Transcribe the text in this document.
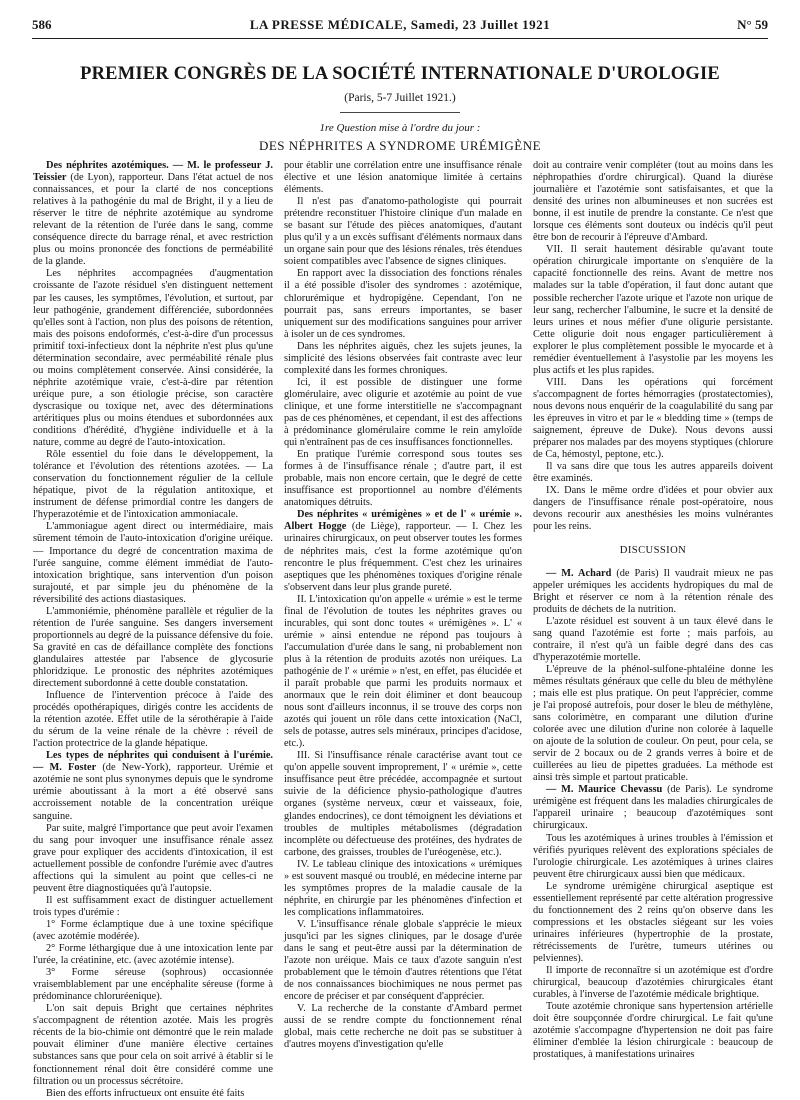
586	LA PRESSE MÉDICALE, Samedi, 23 Juillet 1921	N° 59
PREMIER CONGRÈS DE LA SOCIÉTÉ INTERNATIONALE D'UROLOGIE
(Paris, 5-7 Juillet 1921.)
1re Question mise à l'ordre du jour :
DES NÉPHRITES A SYNDROME URÉMIGÈNE

Des néphrites azotémiques. — M. le professeur J. Teissier (de Lyon), rapporteur. Dans l'état actuel de nos connaissances, et pour la clarté de nos conceptions relatives à la pathogénie du mal de Bright, il y a lieu de réserver le titre de néphrite azotémique au syndrome relevant de la rétention de l'urée dans le sang, comme conséquence directe du barrage rénal, et avec restriction plus ou moins prononcée des fonctions de perméabilité de la glande.

Les néphrites accompagnées d'augmentation croissante de l'azote résiduel s'en distinguent nettement par les causes, les symptômes, l'évolution, et surtout, par leur pathogénie, grandement différenciée, subordonnées qu'elles sont à l'action, non plus des poisons de rétention, mais des poisons endoformés, c'est-à-dire d'un processus primitif toxi-infectieux dont la néphrite n'est plus qu'une détermination secondaire, avec perméabilité rénale plus ou moins complètement conservée. Ainsi considérée, la néphrite azotémique vraie, c'est-à-dire par rétention uréique pure, a son étiologie précise, son caractère dyscrasique ou toxique net, avec des déterminations artéritiques plus ou moins étendues et subordonnées aux conditions d'hérédité, d'hygiène individuelle et à la nature, comme au degré de l'auto-intoxication.

Rôle essentiel du foie dans le développement, la tolérance et l'évolution des rétentions azotées. — La conservation du fonctionnement régulier de la cellule hépatique, pivot de la régulation antitoxique, et instrument de défense primordial contre les dangers de l'hyperazotémie et de l'intoxication ammoniacale.

L'ammoniague agent direct ou intermédiaire, mais sûrement témoin de l'auto-intoxication d'origine uréique. — Importance du degré de concentration maxima de l'urée sanguine, comme élément immédiat de l'auto-intoxication brightique, sans intervention d'un poison surajouté, et par simple jeu du phénomène de la réversibilité des actions diastasiques.

L'ammoniémie, phénomène parallèle et régulier de la rétention de l'urée sanguine. Ses dangers inversement proportionnels au degré de la puissance défensive du foie. Sa gravité en cas de défaillance complète des fonctions glandulaires attestée par l'absence de glycosurie phloridzique. Le pronostic des néphrites azotémiques directement subordonné à cette double constatation.

Influence de l'intervention précoce à l'aide des procédés opothérapiques, dirigés contre les accidents de la rétention azotée. Effet utile de la sérothérapie à l'aide du sérum de la veine rénale de la chèvre : réveil de l'action protectrice de la glande hépatique.

Les types de néphrites qui conduisent à l'urémie. — M. Foster (de New-York), rapporteur. Urémie et azotémie ne sont plus synonymes depuis que le syndrome urémie aboutissant à la mort a été observé sans accroissement notable de la concentration uréique sanguine.

Par suite, malgré l'importance que peut avoir l'examen du sang pour invoquer une insuffisance rénale assez grave pour expliquer des accidents d'intoxication, il est actuellement possible de confondre l'urémie avec d'autres affections qui la simulent au point que celles-ci ne peuvent être diagnostiquées qu'à l'autopsie.

Il est suffisamment exact de distinguer actuellement trois types d'urémie :

1° Forme éclamptique due à une toxine spécifique (avec azotémie modérée).

2° Forme léthargique due à une intoxication lente par l'urée, la créatinine, etc. (avec azotémie intense).

3° Forme séreuse (sophrous) occasionnée vraisemblablement par une encéphalite séreuse (forme à prédominance chloruréenique).

L'on sait depuis Bright que certaines néphrites s'accompagnent de rétention azotée. Mais les progrès récents de la bio-chimie ont démontré que le rein malade pouvait éliminer d'une manière élective certaines substances sans que pour cela on soit arrivé à établir si le fonctionnement rénal doit être considéré comme une filtration ou un processus sécrétoire.

Bien des efforts infructueux ont ensuite été faits

pour établir une corrélation entre une insuffisance rénale élective et une lésion anatomique limitée à certains éléments.

Il n'est pas d'anatomo-pathologiste qui pourrait prétendre reconstituer l'histoire clinique d'un malade en se basant sur l'étude des pièces anatomiques, d'autant plus qu'il y a un excès suffisant d'éléments normaux dans un organe sain pour que des lésions rénales, très étendues soient compatibles avec l'absence de signes cliniques.

En rapport avec la dissociation des fonctions rénales il a été possible d'isoler des syndromes : azotémique, chlorurémique et hydropigène. Cependant, l'on ne pourrait pas, sans erreurs importantes, se baser uniquement sur des modifications sanguines pour arriver à isoler un de ces syndromes.

Dans les néphrites aiguës, chez les sujets jeunes, la simplicité des lésions observées fait contraste avec leur complexité dans les formes chroniques.

Ici, il est possible de distinguer une forme glomérulaire, avec oligurie et azotémie au point de vue clinique, et une forme interstitielle ne s'accompagnant pas de ces phénomènes, et cependant, il est des affections à prédominance glomérulaire comme le rein amyloïde qui n'entraînent pas de ces insuffisances fonctionnelles.

En pratique l'urémie correspond sous toutes ses formes à de l'insuffisance rénale ; d'autre part, il est probable, mais non encore certain, que le degré de cette insuffisance est proportionnel au nombre d'éléments anatomiques détruits.

Des néphrites « urémigènes » et de l' « urémie ». Albert Hogge (de Liège), rapporteur. — I. Chez les urinaires chirurgicaux, on peut observer toutes les formes de néphrites mais, c'est la forme azotémique qu'on rencontre le plus fréquemment. C'est chez les urinaires aseptiques que les phénomènes toxiques d'origine rénale s'observent dans leur plus grande pureté.

II. L'intoxication qu'on appelle « urémie » est le terme final de l'évolution de toutes les néphrites graves ou incurables, qui sont donc toutes « urémigènes ». L' « urémie » ainsi entendue ne répond pas toujours à l'accumulation d'urée dans le sang, ni probablement non plus à la rétention de produits azotés non uréiques. La pathogénie de l' « urémie » n'est, en effet, pas élucidée et il paraît probable que parmi les produits normaux et anormaux que le rein doit éliminer et dont beaucoup nous sont d'ailleurs inconnus, il se trouve des corps non azotés qui jouent un rôle dans cette intoxication (NaCl, sels de potasse, autres sels minéraux, principes d'acidose, etc.).

III. Si l'insuffisance rénale caractérise avant tout ce qu'on appelle souvent improprement, l' « urémie », cette insuffisance peut être précédée, accompagnée et surtout suivie de la déficience physio-pathologique d'autres organes (système nerveux, cœur et vaisseaux, foie, glandes endocrines), ce dont témoignent les déviations et troubles de multiples métabolismes (dégradation incomplète ou défectueuse des protéines, des hydrates de carbone, des graisses, troubles de l'uréogenèse, etc.).

IV. Le tableau clinique des intoxications « urémiques » est souvent masqué ou troublé, en médecine interne par les symptômes propres de la maladie causale de la néphrite, en chirurgie par les phénomènes d'infection et les complications inflammatoires.

V. L'insuffisance rénale globale s'apprécie le mieux jusqu'ici par les signes cliniques, par le dosage d'urée dans le sang et peut-être aussi par la détermination de l'azote non uréique. Mais ce taux d'azote sanguin n'est probablement que le témoin d'autres rétentions que l'état de nos connaissances biochimiques ne nous permet pas encore de préciser et par conséquent d'apprécier.

V. La recherche de la constante d'Ambard permet aussi de se rendre compte du fonctionnement rénal global, mais cette recherche ne doit pas se substituer à d'autres moyens d'investigation qu'elle

doit au contraire venir compléter (tout au moins dans les néphropathies d'ordre chirurgical). Quand la diurèse journalière et l'azotémie sont satisfaisantes, et que la densité des urines non albumineuses et non sucrées est bonne, il est inutile de prendre la constante. Ce n'est que lorsque ces éléments sont douteux ou indécis qu'il peut être bon de recourir à l'épreuve d'Ambard.

VII. Il serait hautement désirable qu'avant toute opération chirurgicale importante on s'enquière de la capacité fonctionnelle des reins. Avant de mettre nos malades sur la table d'opération, il faut donc autant que possible rechercher l'azote urique et l'azote non urique de leur sang, rechercher l'albumine, le sucre et la densité de leurs urines et nous méfier d'une oligurie persistante. Cette oligurie doit nous engager particulièrement à explorer le plus complètement possible le myocarde et à remédier éventuellement à l'asystolie par les moyens les plus actifs et les plus rapides.

VIII. Dans les opérations qui forcément s'accompagnent de fortes hémorragies (prostatectomies), nous devons nous enquérir de la coagulabilité du sang par les épreuves in vitro et par le « bledding time » (temps de saignement, épreuve de Duke). Nous devons aussi préparer nos malades par des moyens styptiques (chlorure de Ca, hémostyl, peptone, etc.).

Il va sans dire que tous les autres appareils doivent être examinés.

IX. Dans le même ordre d'idées et pour obvier aux dangers de l'insuffisance rénale post-opératoire, nous devons recourir aux anesthésies les moins vulnérantes pour les reins.

DISCUSSION

— M. Achard (de Paris) Il vaudrait mieux ne pas appeler urémiques les accidents hydropiques du mal de Bright et réserver ce nom à la rétention rénale des produits de déchets de la nutrition.

L'azote résiduel est souvent à un taux élevé dans le sang quand l'azotémie est forte ; mais parfois, au contraire, il n'est qu'à un faible degré dans des cas d'hyperazotémie mortelle.

L'épreuve de la phénol-sulfone-phtaléine donne les mêmes résultats généraux que celle du bleu de méthylène ; mais elle est plus pratique. On peut l'apprécier, comme je l'ai proposé autrefois, pour doser le bleu de méthylène, sans colorimètre, en comparant une dilution d'urine colorée avec une dilution d'urine non colorée à laquelle on ajoute de la solution de couleur. On peut, pour cela, se servir de 2 bocaux ou de 2 grands verres à boire et de cuillerées au lieu de pipettes graduées. La méthode est ainsi très simple et partout praticable.

— M. Maurice Chevassu (de Paris). Le syndrome urémigène est fréquent dans les maladies chirurgicales de l'appareil urinaire ; beaucoup d'azotémiques sont chirurgicaux.

Tous les azotémiques à urines troubles à l'émission et vérifiés pyuriques relèvent des explorations spéciales de l'urologie chirurgicale. Les azotémiques à urines claires peuvent être chirurgicaux aussi bien que médicaux.

Le syndrome urémigène chirurgical aseptique est essentiellement représenté par cette altération progressive du fonctionnement des 2 reins qu'on observe dans les compressions et les obstacles siégeant sur les voies urinaires inférieures (hypertrophie de la prostate, rétrécissements de l'urètre, tumeurs utérines ou pelviennes).

Il importe de reconnaître si un azotémique est d'ordre chirurgical, beaucoup d'azotémies chirurgicales étant curables, à l'inverse de l'azotémie médicale brightique.

Toute azotémie chronique sans hypertension artérielle doit être soupçonnée d'ordre chirurgical. Le fait qu'une azotémie s'accompagne d'hypertension ne doit pas faire éliminer d'emblée la lésion chirurgicale : beaucoup de prostatiques, à manifestations urinaires
